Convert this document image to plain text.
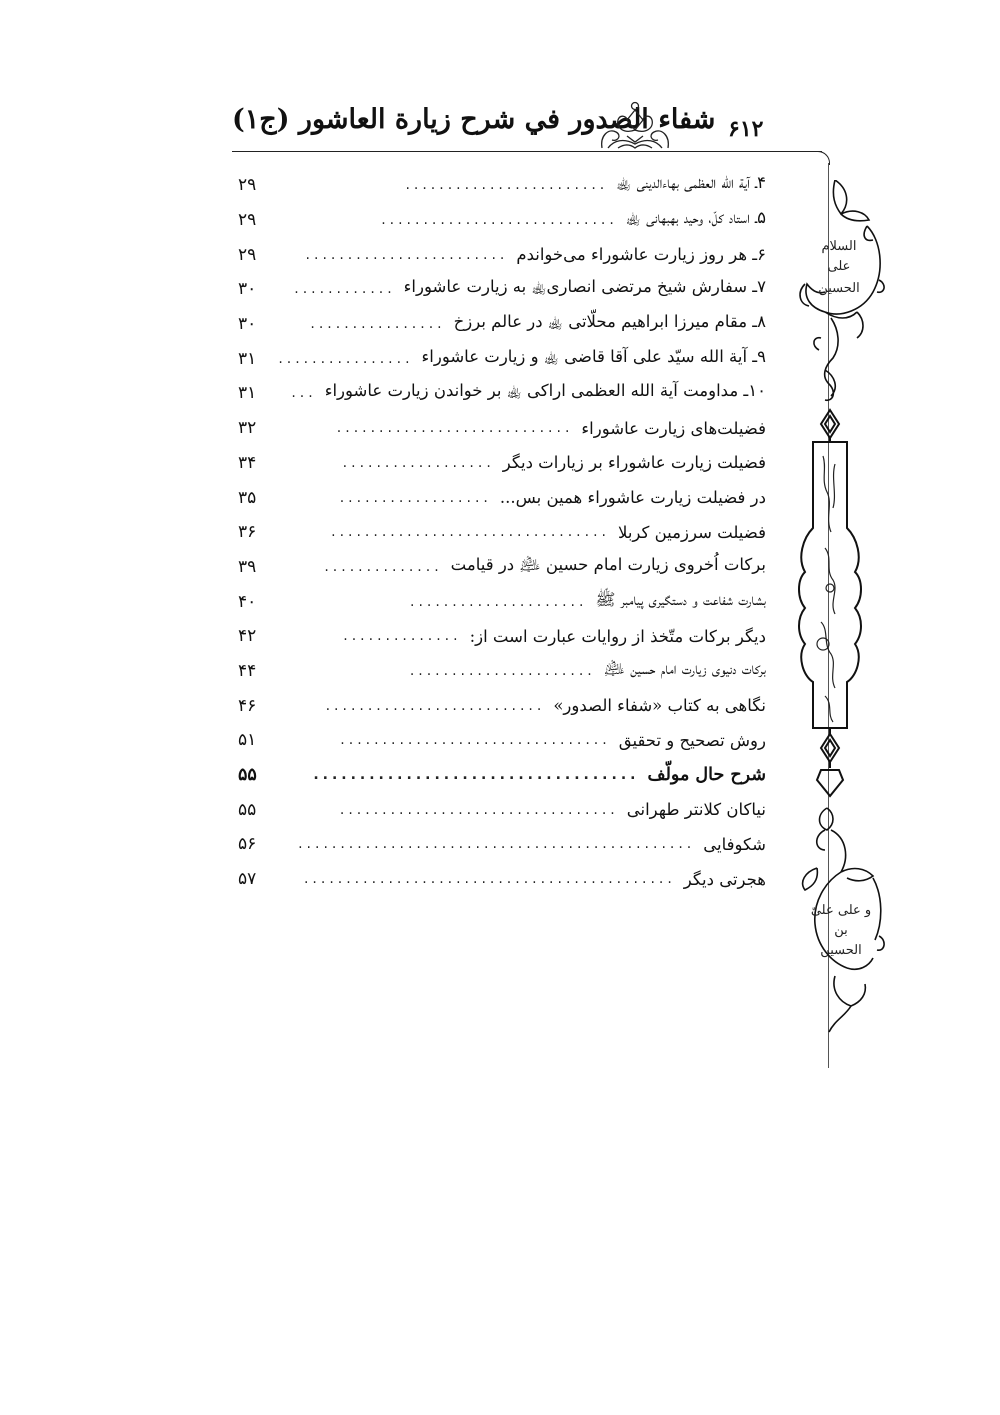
شفاء الصدور في شرح زيارة العاشور (ج۱) ۶۱۲
۴ـ آیة الله العظمی بهاءالدینی ﵀
........................
۲۹
۵ـ استاد کلّ، وحید بهبهانی ﵀
............................
۲۹
۶ـ هر روز زیارت عاشوراء می‌خواندم
........................
۲۹
۷ـ سفارش شیخ مرتضی انصاری﵀ به زیارت عاشوراء
............
۳۰
۸ـ مقام میرزا ابراهیم محلّاتی ﵀ در عالم برزخ
................
۳۰
۹ـ آیة الله سیّد علی آقا قاضی ﵀ و زیارت عاشوراء
................
۳۱
۱۰ـ مداومت آیة الله العظمی اراکی ﵀ بر خواندن زیارت عاشوراء
...
۳۱
فضیلت‌های زیارت عاشوراء
............................
۳۲
فضیلت زیارت عاشوراء بر زیارات دیگر
..................
۳۴
در فضیلت زیارت عاشوراء همین بس...
..................
۳۵
فضیلت سرزمین کربلا
.................................
۳۶
برکات اُخروی زیارت امام حسین ﵇ در قیامت
..............
۳۹
بشارت شفاعت و دستگیری پیامبر ﷺ
.....................
۴۰
دیگر برکات متّخذ از روایات عبارت است از:
..............
۴۲
برکات دنیوی زیارت امام حسین ﵇
......................
۴۴
نگاهی به کتاب «شفاء الصدور»
..........................
۴۶
روش تصحیح و تحقیق
................................
۵۱
شرح حال مولّف
...................................
۵۵
نیاکان کلانتر طهرانی
.................................
۵۵
شکوفایی
...............................................
۵۶
هجرتی دیگر
............................................
۵۷
السلام
علی
الحسین
و علی علیّ
بن
الحسین
